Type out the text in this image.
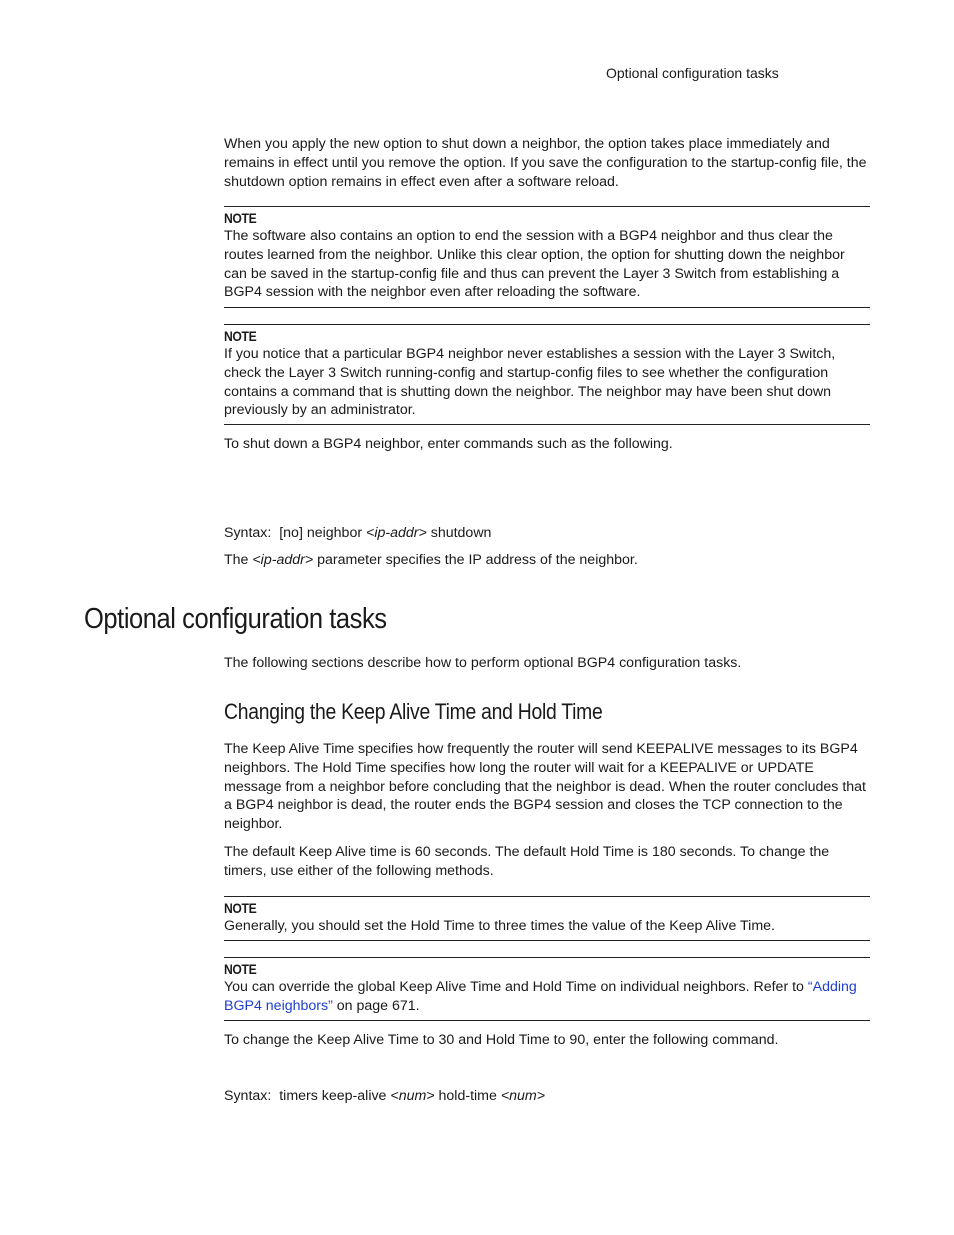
Optional configuration tasks

When you apply the new option to shut down a neighbor, the option takes place immediately and remains in effect until you remove the option. If you save the configuration to the startup-config file, the shutdown option remains in effect even after a software reload.

NOTE

The software also contains an option to end the session with a BGP4 neighbor and thus clear the routes learned from the neighbor. Unlike this clear option, the option for shutting down the neighbor can be saved in the startup-config file and thus can prevent the Layer 3 Switch from establishing a BGP4 session with the neighbor even after reloading the software.

NOTE

If you notice that a particular BGP4 neighbor never establishes a session with the Layer 3 Switch, check the Layer 3 Switch running-config and startup-config files to see whether the configuration contains a command that is shutting down the neighbor. The neighbor may have been shut down previously by an administrator.

To shut down a BGP4 neighbor, enter commands such as the following.

Syntax: [no] neighbor <ip-addr> shutdown

The <ip-addr> parameter specifies the IP address of the neighbor.

Optional configuration tasks

The following sections describe how to perform optional BGP4 configuration tasks.

Changing the Keep Alive Time and Hold Time

The Keep Alive Time specifies how frequently the router will send KEEPALIVE messages to its BGP4 neighbors. The Hold Time specifies how long the router will wait for a KEEPALIVE or UPDATE message from a neighbor before concluding that the neighbor is dead. When the router concludes that a BGP4 neighbor is dead, the router ends the BGP4 session and closes the TCP connection to the neighbor.

The default Keep Alive time is 60 seconds. The default Hold Time is 180 seconds. To change the timers, use either of the following methods.

NOTE

Generally, you should set the Hold Time to three times the value of the Keep Alive Time.

NOTE

You can override the global Keep Alive Time and Hold Time on individual neighbors. Refer to “Adding BGP4 neighbors” on page 671.

To change the Keep Alive Time to 30 and Hold Time to 90, enter the following command.

Syntax: timers keep-alive <num> hold-time <num>
